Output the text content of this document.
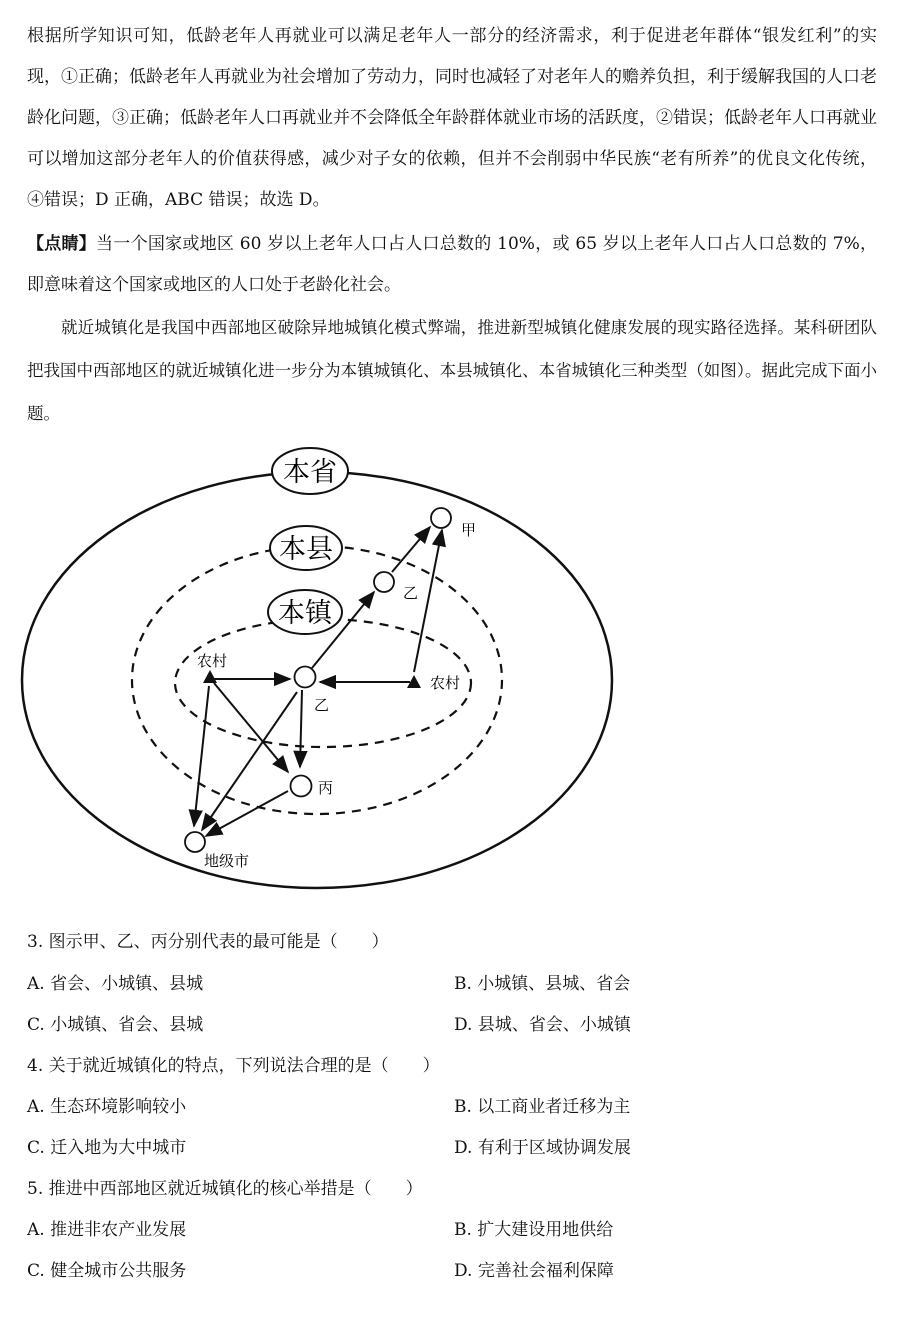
根据所学知识可知，低龄老年人再就业可以满足老年人一部分的经济需求，利于促进老年群体“银发红利”的实现，①正确；低龄老年人再就业为社会增加了劳动力，同时也减轻了对老年人的赡养负担，利于缓解我国的人口老龄化问题，③正确；低龄老年人口再就业并不会降低全年龄群体就业市场的活跃度，②错误；低龄老年人口再就业可以增加这部分老年人的价值获得感，减少对子女的依赖，但并不会削弱中华民族“老有所养”的优良文化传统，④错误；D 正确，ABC 错误；故选 D。

【点睛】当一个国家或地区 60 岁以上老年人口占人口总数的 10%，或 65 岁以上老年人口占人口总数的 7%，即意味着这个国家或地区的人口处于老龄化社会。

就近城镇化是我国中西部地区破除异地城镇化模式弊端，推进新型城镇化健康发展的现实路径选择。某科研团队把我国中西部地区的就近城镇化进一步分为本镇城镇化、本县城镇化、本省城镇化三种类型（如图）。据此完成下面小题。

本省
本县
本镇
甲
乙
乙
丙
地级市
农村
农村
3. 图示甲、乙、丙分别代表的最可能是（　　）
A. 省会、小城镇、县城	B. 小城镇、县城、省会
C. 小城镇、省会、县城	D. 县城、省会、小城镇
4. 关于就近城镇化的特点，下列说法合理的是（　　）
A. 生态环境影响较小	B. 以工商业者迁移为主
C. 迁入地为大中城市	D. 有利于区域协调发展
5. 推进中西部地区就近城镇化的核心举措是（　　）
A. 推进非农产业发展	B. 扩大建设用地供给
C. 健全城市公共服务	D. 完善社会福利保障
